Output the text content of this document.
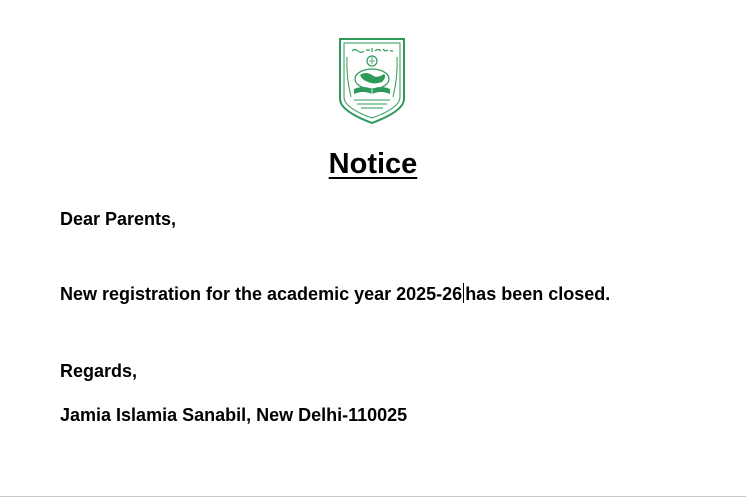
Notice
Dear Parents,
New registration for the academic year 2025-26 has been closed.
Regards,
Jamia Islamia Sanabil, New Delhi-110025
